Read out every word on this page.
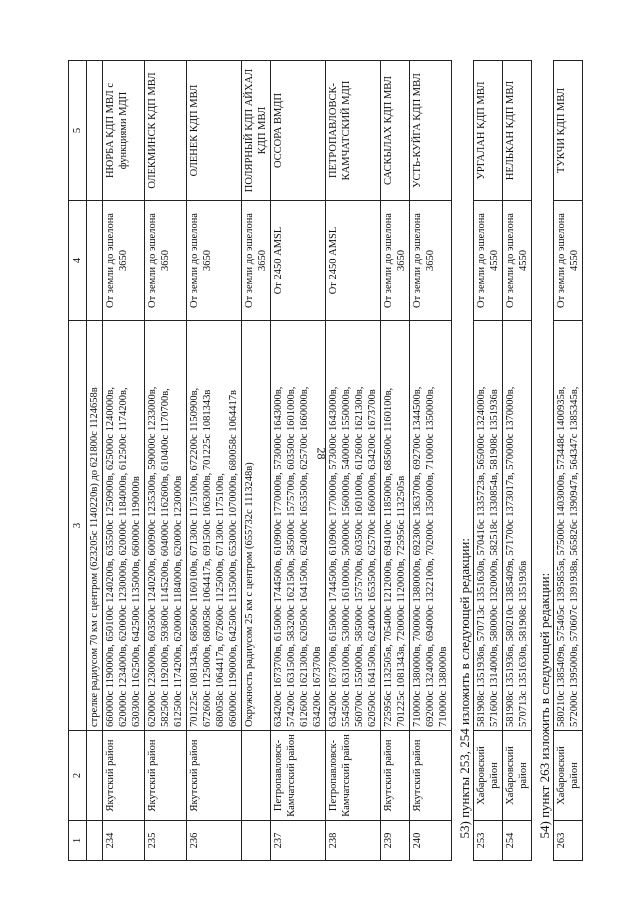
28
1	2	3	4	5

		стрелке радиусом 70 км с центром (623205с 1140220в) до 621800с 1124658в		

234	Якутский район	660000с 1190000в, 650100с 1240200в, 635500с 1250900в, 625000с 1240000в, 620000с 1234000в, 620000с 1230000в, 620000с 1184000в, 612500с 1174200в, 630300с 1162500в, 642500с 1135000в, 660000с 1190000в	От земли до эшелона 3650	НЮРБА КДП МВЛ с функциями МДП
235	Якутский район	620000с 1230000в, 603500с 1240200в, 600900с 1235300в, 590000с 1233000в, 582500с 1192000в, 593600с 1145200в, 604000с 1162600в, 610400с 1170700в, 612500с 1174200в, 620000с 1184000в, 620000с 1230000в	От земли до эшелона 3650	ОЛЕКМИНСК КДП МВЛ
236	Якутский район	701225с 1081343в, 685600с 1160100в, 671300с 1175100в, 672200с 1150900в, 672600с 1125000в, 680058с 1064417в, 691500с 1063000в, 701225с 1081343в 680058с 1064417в, 672600с 1125000в, 671300с 1175100в, 660000с 1190000в, 642500с 1135000в, 653000с 1070000в, 680058с 1064417в	От земли до эшелона 3650	ОЛЕНЕК КДП МВЛ

		Окружность радиусом 25 км с центром (655732с 1113248в)	От земли до эшелона 3650	ПОЛЯРНЫЙ КДП АЙХАЛ КДП МВЛ
237	Петропавловск-Камчатский район	634200с 1673700в, 615000с 1744500в, 610900с 1770000в, 573000с 1643000в, 574200с 1631500в, 583200с 1621500в, 585000с 1575700в, 603500с 1601000в, 612600с 1621300в, 620500с 1641500в, 624000с 1653500в, 625700с 1660000в, 634200с 1673700в	От 2450 AMSL	ОССОРА ВМДП
238	Петропавловск-Камчатский район	634200с 1673700в, 615000с 1744500в, 610900с 1770000в, 573000с 1643000в, 554500с 1631000в, 530000с 1610000в, 500000с 1560000в, 540000с 1550000в, 560700с 1550000в, 585000с 1575700в, 603500с 1601000в, 612600с 1621300в, 620500с 1641500в, 624000с 1653500в, 625700с 1660000в, 634200с 1673700в	От 2450 AMSL	ПЕТРОПАВЛОВСК-КАМЧАТСКИЙ МДП
239	Якутский район	725956с 1132505в, 705400с 1212000в, 694100с 1185000в, 685600с 1160100в, 701225с 1081343в, 720000с 1120000в, 725956с 1132505в	От земли до эшелона 3650	САСКЫЛАХ КДП МВЛ
240	Якутский район	710000с 1380000в, 700000с 1380000в, 692300с 1363700в, 692700с 1344500в, 692000с 1324000в, 694000с 1322100в, 702000с 1350000в, 710000с 1350000в, 710000с 1380000в	От земли до эшелона 3650	УСТЬ-КУЙГА КДП МВЛ
53) пункты 253, 254 изложить в следующей редакции:				
253	Хабаровский район	581908с 1351936в, 570713с 1351630в, 570416с 1335723в, 565000с 1324000в, 571600с 1314000в, 580000с 1320000в, 582518с 1330854в, 581908с 1351936в	От земли до эшелона 4550	УРГАЛАН КДП МВЛ
254	Хабаровский район	581908с 1351936в, 580210с 1385409в, 571700с 1373017в, 570000с 1370000в, 570713с 1351630в, 581908с 1351936в	От земли до эшелона 4550	НЕЛЬКАН КДП МВЛ
54) пункт 263 изложить в следующей редакции:				
263	Хабаровский район	580210с 1385409в, 575405с 1395855в, 575000с 1403000в, 573448с 1400935в, 572000с 1395000в, 570607с 1391938в, 565826с 1390947в, 564347с 1385345в,	От земли до эшелона 4550	ТУКЧИ КДП МВЛ
